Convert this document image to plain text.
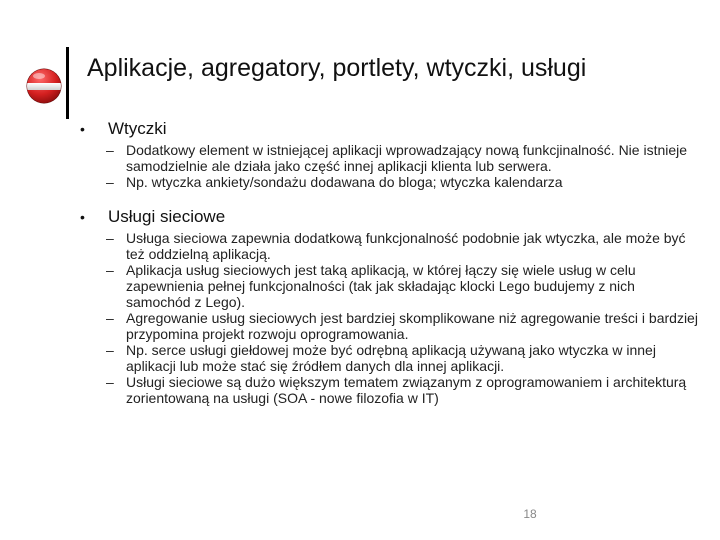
Aplikacje, agregatory, portlety, wtyczki, usługi
• Wtyczki
– Dodatkowy element w istniejącej aplikacji wprowadzający nową funkcjinalność. Nie istnieje samodzielnie ale działa jako część innej aplikacji klienta lub serwera.
– Np. wtyczka ankiety/sondażu dodawana do bloga; wtyczka kalendarza
• Usługi sieciowe
– Usługa sieciowa zapewnia dodatkową funkcjonalność podobnie jak wtyczka, ale może być też oddzielną aplikacją.
– Aplikacja usług sieciowych jest taką aplikacją, w której łączy się wiele usług w celu zapewnienia pełnej funkcjonalności (tak jak składając klocki Lego budujemy z nich samochód z Lego).
– Agregowanie usług sieciowych jest bardziej skomplikowane niż agregowanie treści i bardziej przypomina projekt rozwoju oprogramowania.
– Np. serce usługi giełdowej może być odrębną aplikacją używaną jako wtyczka w innej aplikacji lub może stać się źródłem danych dla innej aplikacji.
– Usługi sieciowe są dużo większym tematem związanym z oprogramowaniem i architekturą zorientowaną na usługi (SOA - nowe filozofia w IT)
18
